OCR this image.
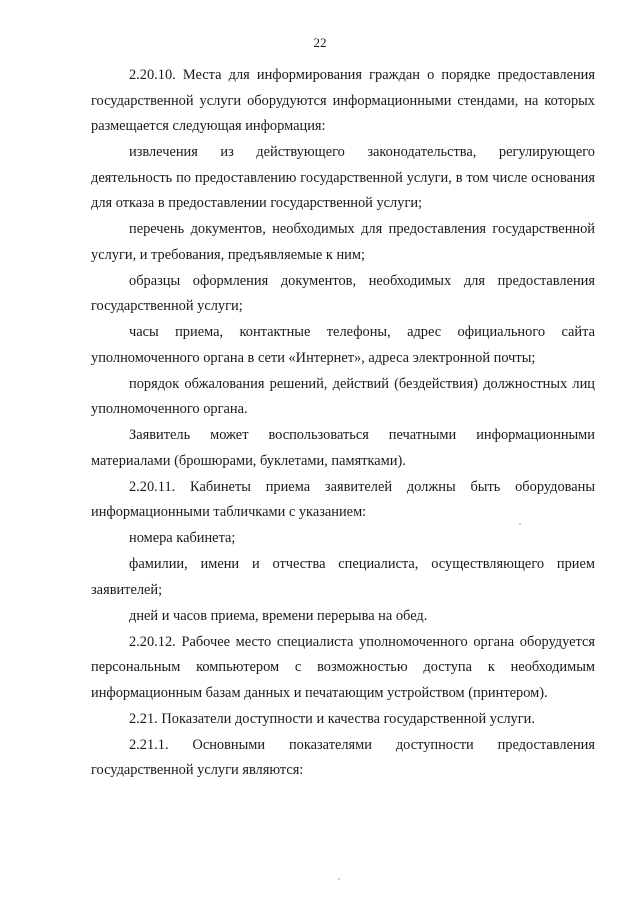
22

2.20.10. Места для информирования граждан о порядке предоставления государственной услуги оборудуются информационными стендами, на которых размещается следующая информация:

извлечения из действующего законодательства, регулирующего деятельность по предоставлению государственной услуги, в том числе основания для отказа в предоставлении государственной услуги;

перечень документов, необходимых для предоставления государственной услуги, и требования, предъявляемые к ним;

образцы оформления документов, необходимых для предоставления государственной услуги;

часы приема, контактные телефоны, адрес официального сайта уполномоченного органа в сети «Интернет», адреса электронной почты;

порядок обжалования решений, действий (бездействия) должностных лиц уполномоченного органа.

Заявитель может воспользоваться печатными информационными материалами (брошюрами, буклетами, памятками).

2.20.11. Кабинеты приема заявителей должны быть оборудованы информационными табличками с указанием:

номера кабинета;

фамилии, имени и отчества специалиста, осуществляющего прием заявителей;

дней и часов приема, времени перерыва на обед.

2.20.12. Рабочее место специалиста уполномоченного органа оборудуется персональным компьютером с возможностью доступа к необходимым информационным базам данных и печатающим устройством (принтером).

2.21. Показатели доступности и качества государственной услуги.

2.21.1. Основными показателями доступности предоставления государственной услуги являются:
